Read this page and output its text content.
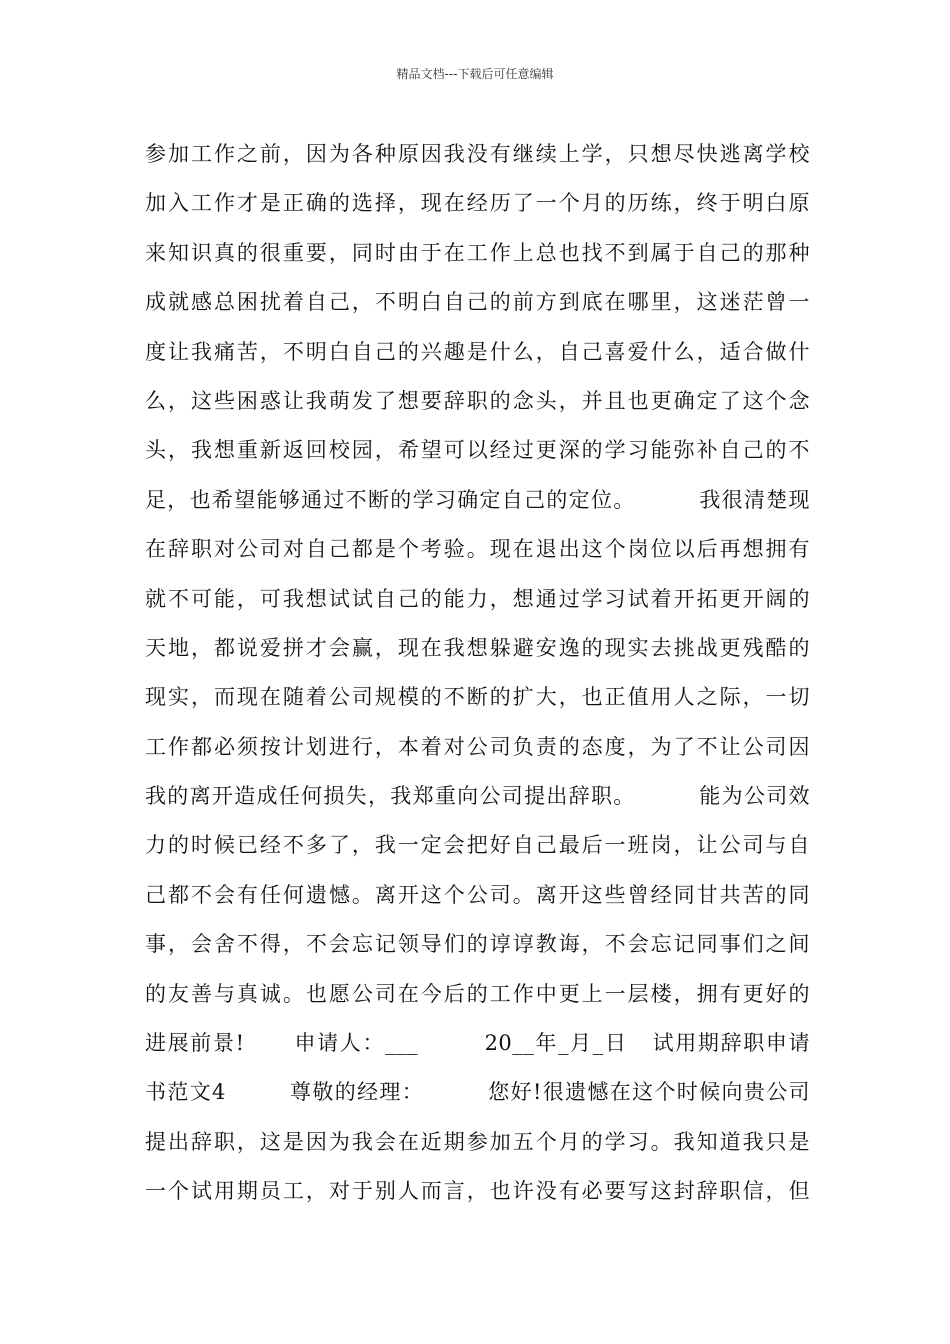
精品文档---下载后可任意编辑
参加工作之前，因为各种原因我没有继续上学，只想尽快逃离学校
加入工作才是正确的选择，现在经历了一个月的历练，终于明白原
来知识真的很重要，同时由于在工作上总也找不到属于自己的那种
成就感总困扰着自己，不明白自己的前方到底在哪里，这迷茫曾一
度让我痛苦，不明白自己的兴趣是什么，自己喜爱什么，适合做什
么，这些困惑让我萌发了想要辞职的念头，并且也更确定了这个念
头，我想重新返回校园，希望可以经过更深的学习能弥补自己的不
足，也希望能够通过不断的学习确定自己的定位。        我很清楚现
在辞职对公司对自己都是个考验。现在退出这个岗位以后再想拥有
就不可能，可我想试试自己的能力，想通过学习试着开拓更开阔的
天地，都说爱拼才会赢，现在我想躲避安逸的现实去挑战更残酷的
现实，而现在随着公司规模的不断的扩大，也正值用人之际，一切
工作都必须按计划进行，本着对公司负责的态度，为了不让公司因
我的离开造成任何损失，我郑重向公司提出辞职。        能为公司效
力的时候已经不多了，我一定会把好自己最后一班岗，让公司与自
己都不会有任何遗憾。离开这个公司。离开这些曾经同甘共苦的同
事，会舍不得，不会忘记领导们的谆谆教诲，不会忘记同事们之间
的友善与真诚。也愿公司在今后的工作中更上一层楼，拥有更好的
进展前景!      申请人：___        20__年_月_日   试用期辞职申请
书范文4        尊敬的经理：        您好!很遗憾在这个时候向贵公司
提出辞职，这是因为我会在近期参加五个月的学习。我知道我只是
一个试用期员工，对于别人而言，也许没有必要写这封辞职信，但
